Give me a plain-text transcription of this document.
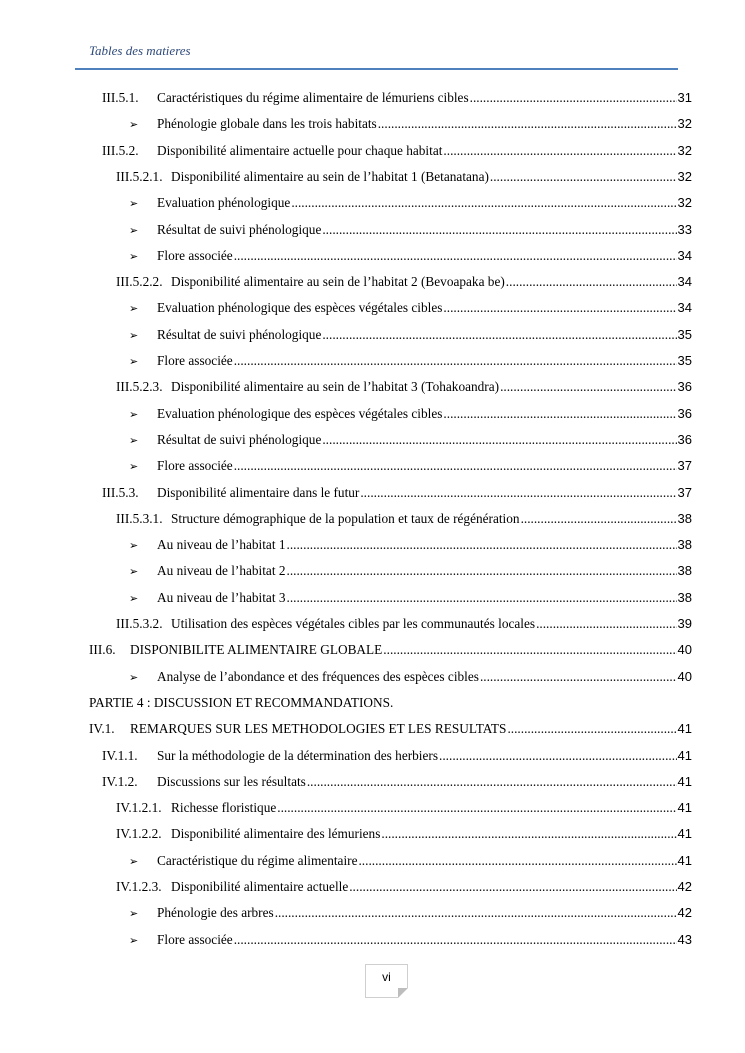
Tables des matieres
III.5.1.	Caractéristiques du régime alimentaire de lémuriens cibles .....	31
➢	Phénologie globale dans les trois habitats .....	32
III.5.2.	Disponibilité alimentaire actuelle pour chaque habitat .....	32
III.5.2.1. Disponibilité alimentaire au sein de l’habitat 1 (Betanatana) .....	32
➢	Evaluation phénologique .....	32
➢	Résultat de suivi phénologique .....	33
➢	Flore associée .....	34
III.5.2.2. Disponibilité alimentaire au sein de l’habitat 2 (Bevoapaka be) .....	34
➢	Evaluation phénologique des espèces végétales cibles .....	34
➢	Résultat de suivi phénologique .....	35
➢	Flore associée .....	35
III.5.2.3. Disponibilité alimentaire au sein de l’habitat 3 (Tohakoandra) .....	36
➢	Evaluation phénologique des espèces végétales cibles .....	36
➢	Résultat de suivi phénologique .....	36
➢	Flore associée .....	37
III.5.3.	Disponibilité alimentaire dans le futur .....	37
III.5.3.1. Structure démographique de la population et taux de régénération .....	38
➢	Au niveau de l’habitat 1 .....	38
➢	Au niveau de l’habitat 2 .....	38
➢	Au niveau de l’habitat 3 .....	38
III.5.3.2. Utilisation des espèces végétales cibles par les communautés locales .....	39
III.6.	DISPONIBILITE ALIMENTAIRE GLOBALE .....	40
➢	Analyse de l’abondance et des fréquences des espèces cibles .....	40
PARTIE 4 : DISCUSSION ET RECOMMANDATIONS.
IV.1.	REMARQUES SUR LES METHODOLOGIES ET LES RESULTATS .....	41
IV.1.1.	Sur la méthodologie de la détermination des herbiers .....	41
IV.1.2.	Discussions sur les résultats .....	41
IV.1.2.1. Richesse floristique .....	41
IV.1.2.2. Disponibilité alimentaire des lémuriens .....	41
➢	Caractéristique du régime alimentaire .....	41
IV.1.2.3. Disponibilité alimentaire actuelle .....	42
➢	Phénologie des arbres .....	42
➢	Flore associée .....	43
vi
